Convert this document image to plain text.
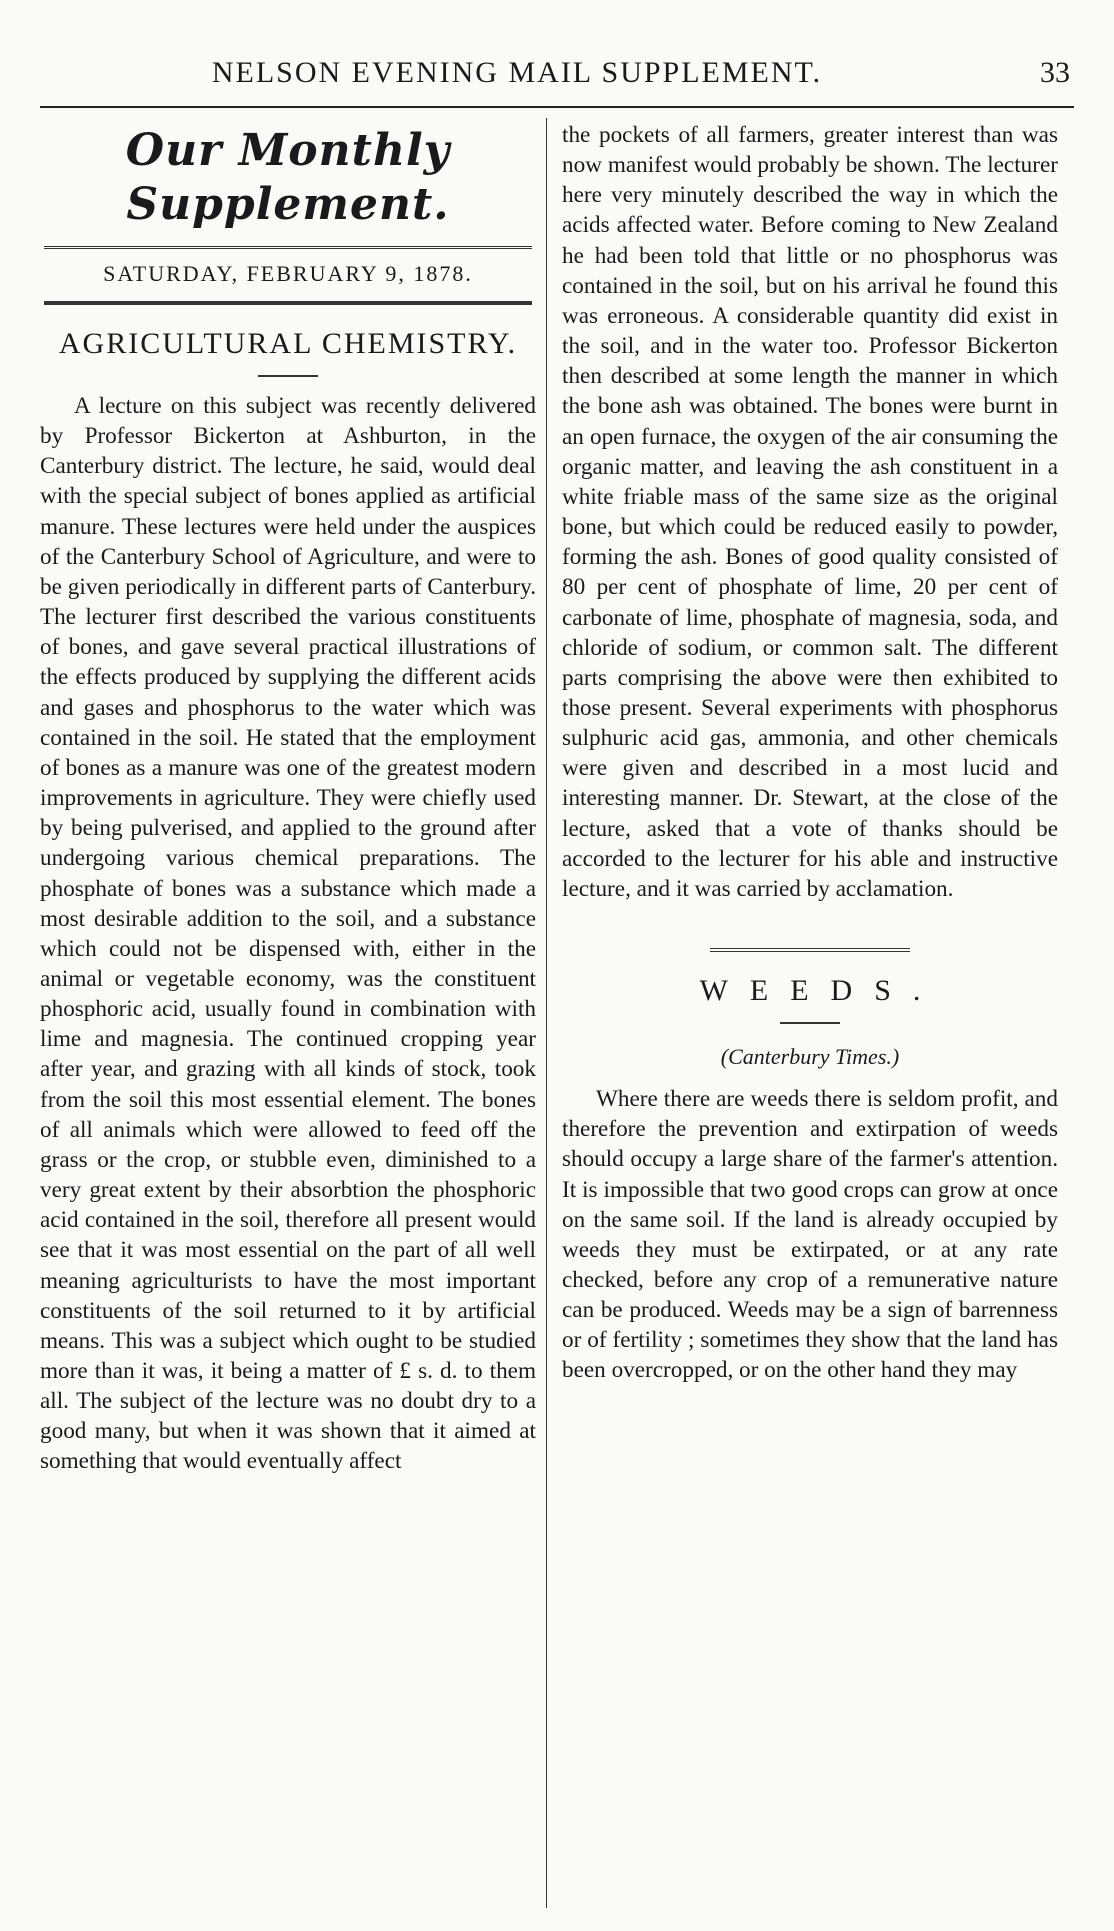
NELSON EVENING MAIL SUPPLEMENT.	33
Our Monthly Supplement.
SATURDAY, FEBRUARY 9, 1878.
AGRICULTURAL CHEMISTRY.

A lecture on this subject was recently delivered by Professor Bickerton at Ashburton, in the Canterbury district. The lecture, he said, would deal with the special subject of bones applied as artificial manure. These lectures were held under the auspices of the Canterbury School of Agriculture, and were to be given periodically in different parts of Canterbury. The lecturer first described the various constituents of bones, and gave several practical illustrations of the effects produced by supplying the different acids and gases and phosphorus to the water which was contained in the soil. He stated that the employment of bones as a manure was one of the greatest modern improvements in agriculture. They were chiefly used by being pulverised, and applied to the ground after undergoing various chemical preparations. The phosphate of bones was a substance which made a most desirable addition to the soil, and a substance which could not be dispensed with, either in the animal or vegetable economy, was the constituent phosphoric acid, usually found in combination with lime and magnesia. The continued cropping year after year, and grazing with all kinds of stock, took from the soil this most essential element. The bones of all animals which were allowed to feed off the grass or the crop, or stubble even, diminished to a very great extent by their absorbtion the phosphoric acid contained in the soil, therefore all present would see that it was most essential on the part of all well meaning agriculturists to have the most important constituents of the soil returned to it by artificial means. This was a subject which ought to be studied more than it was, it being a matter of £ s. d. to them all. The subject of the lecture was no doubt dry to a good many, but when it was shown that it aimed at something that would eventually affect

the pockets of all farmers, greater interest than was now manifest would probably be shown. The lecturer here very minutely described the way in which the acids affected water. Before coming to New Zealand he had been told that little or no phosphorus was contained in the soil, but on his arrival he found this was erroneous. A considerable quantity did exist in the soil, and in the water too. Professor Bickerton then described at some length the manner in which the bone ash was obtained. The bones were burnt in an open furnace, the oxygen of the air consuming the organic matter, and leaving the ash constituent in a white friable mass of the same size as the original bone, but which could be reduced easily to powder, forming the ash. Bones of good quality consisted of 80 per cent of phosphate of lime, 20 per cent of carbonate of lime, phosphate of magnesia, soda, and chloride of sodium, or common salt. The different parts comprising the above were then exhibited to those present. Several experiments with phosphorus sulphuric acid gas, ammonia, and other chemicals were given and described in a most lucid and interesting manner. Dr. Stewart, at the close of the lecture, asked that a vote of thanks should be accorded to the lecturer for his able and instructive lecture, and it was carried by acclamation.

WEEDS.
(Canterbury Times.)

Where there are weeds there is seldom profit, and therefore the prevention and extirpation of weeds should occupy a large share of the farmer's attention. It is impossible that two good crops can grow at once on the same soil. If the land is already occupied by weeds they must be extirpated, or at any rate checked, before any crop of a remunerative nature can be produced. Weeds may be a sign of barrenness or of fertility ; sometimes they show that the land has been overcropped, or on the other hand they may
